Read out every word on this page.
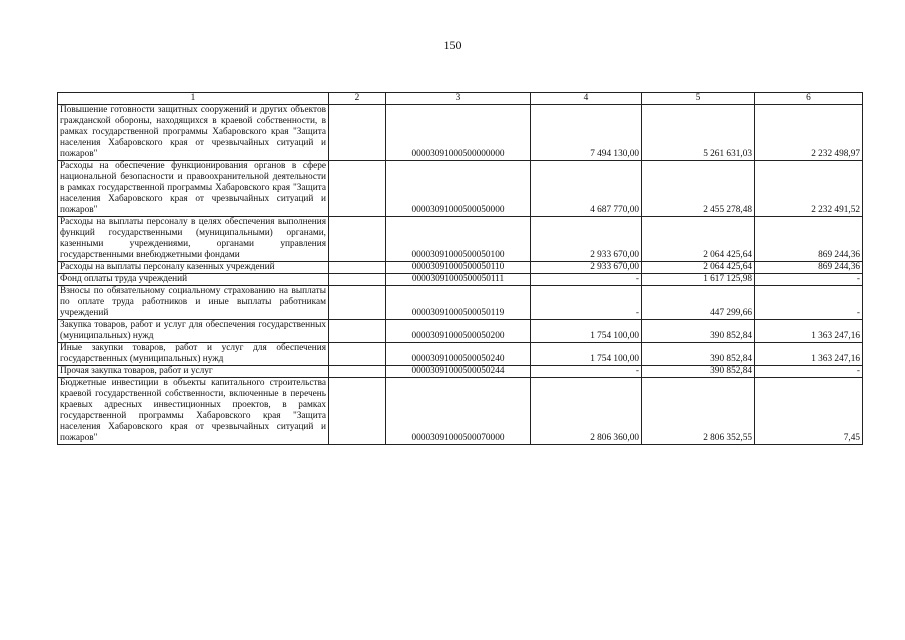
150
1	2	3	4	5	6
Повышение готовности защитных сооружений и других объектов гражданской обороны, находящихся в краевой собственности, в рамках государственной программы Хабаровского края "Защита населения Хабаровского края от чрезвычайных ситуаций и пожаров"		00003091000500000000	7 494 130,00	5 261 631,03	2 232 498,97
Расходы на обеспечение функционирования органов в сфере национальной безопасности и правоохранительной деятельности в рамках государственной программы Хабаровского края "Защита населения Хабаровского края от чрезвычайных ситуаций и пожаров"		00003091000500050000	4 687 770,00	2 455 278,48	2 232 491,52
Расходы на выплаты персоналу в целях обеспечения выполнения функций государственными (муниципальными) органами, казенными учреждениями, органами управления государственными внебюджетными фондами		00003091000500050100	2 933 670,00	2 064 425,64	869 244,36
Расходы на выплаты персоналу казенных учреждений		00003091000500050110	2 933 670,00	2 064 425,64	869 244,36
Фонд оплаты труда учреждений		00003091000500050111	-	1 617 125,98	-
Взносы по обязательному социальному страхованию на выплаты по оплате труда работников и иные выплаты работникам учреждений		00003091000500050119	-	447 299,66	-
Закупка товаров, работ и услуг для обеспечения государственных (муниципальных) нужд		00003091000500050200	1 754 100,00	390 852,84	1 363 247,16
Иные закупки товаров, работ и услуг для обеспечения государственных (муниципальных) нужд		00003091000500050240	1 754 100,00	390 852,84	1 363 247,16
Прочая закупка товаров, работ и услуг		00003091000500050244	-	390 852,84	-
Бюджетные инвестиции в объекты капитального строительства краевой государственной собственности, включенные в перечень краевых адресных инвестиционных проектов, в рамках государственной программы Хабаровского края "Защита населения Хабаровского края от чрезвычайных ситуаций и пожаров"		00003091000500070000	2 806 360,00	2 806 352,55	7,45
